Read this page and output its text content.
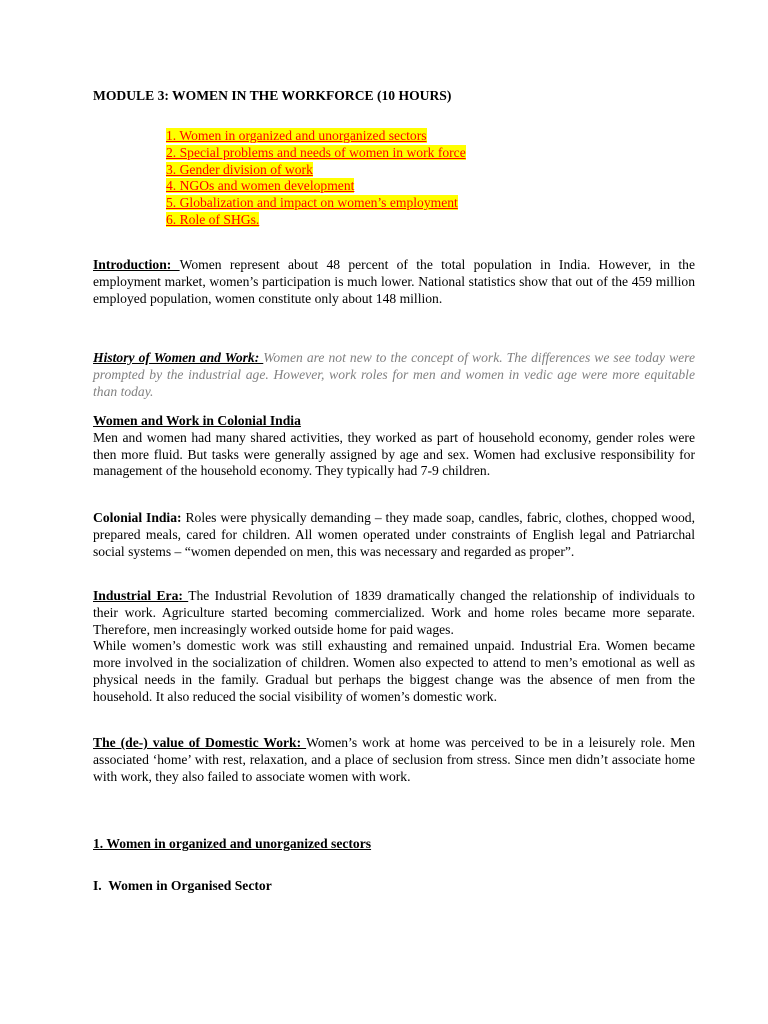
MODULE 3: WOMEN IN THE WORKFORCE (10 HOURS)
1. Women in organized and unorganized sectors
2. Special problems and needs of women in work force
3. Gender division of work
4. NGOs and women development
5. Globalization and impact on women’s employment
6. Role of SHGs.

Introduction: Women represent about 48 percent of the total population in India. However, in the employment market, women’s participation is much lower. National statistics show that out of the 459 million employed population, women constitute only about 148 million.

History of Women and Work: Women are not new to the concept of work. The differences we see today were prompted by the industrial age. However, work roles for men and women in vedic age were more equitable than today.

Women and Work in Colonial India
Men and women had many shared activities, they worked as part of household economy, gender roles were then more fluid. But tasks were generally assigned by age and sex. Women had exclusive responsibility for management of the household economy. They typically had 7-9 children.

Colonial India: Roles were physically demanding – they made soap, candles, fabric, clothes, chopped wood, prepared meals, cared for children. All women operated under constraints of English legal and Patriarchal social systems – “women depended on men, this was necessary and regarded as proper”.

Industrial Era: The Industrial Revolution of 1839 dramatically changed the relationship of individuals to their work. Agriculture started becoming commercialized. Work and home roles became more separate. Therefore, men increasingly worked outside home for paid wages.

While women’s domestic work was still exhausting and remained unpaid. Industrial Era. Women became more involved in the socialization of children. Women also expected to attend to men’s emotional as well as physical needs in the family. Gradual but perhaps the biggest change was the absence of men from the household. It also reduced the social visibility of women’s domestic work.

The (de-) value of Domestic Work: Women’s work at home was perceived to be in a leisurely role. Men associated ‘home’ with rest, relaxation, and a place of seclusion from stress. Since men didn’t associate home with work, they also failed to associate women with work.

1. Women in organized and unorganized sectors
I.  Women in Organised Sector
